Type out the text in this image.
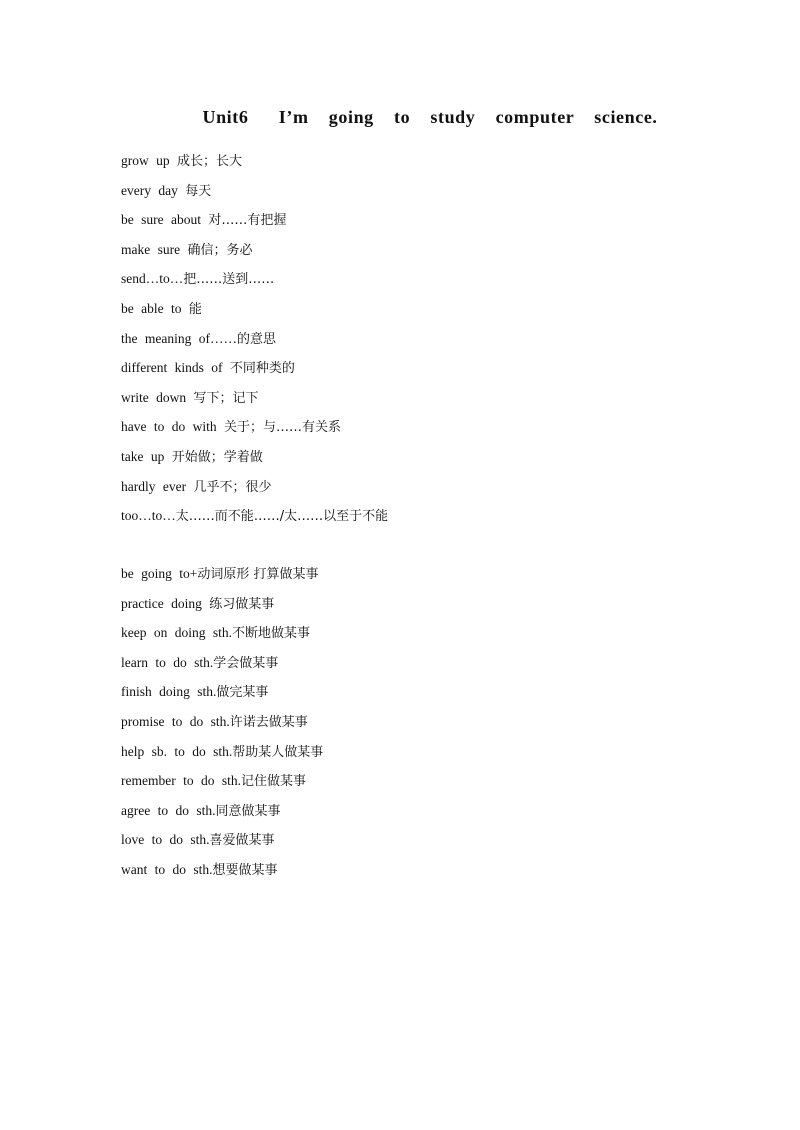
Unit6   I’m  going  to  study  computer  science.
grow up 成长；长大
every day 每天
be sure about 对……有把握
make sure 确信；务必
send…to…把……送到……
be able to 能
the meaning of……的意思
different kinds of 不同种类的
write down 写下；记下
have to do with 关于；与……有关系
take up 开始做；学着做
hardly ever 几乎不；很少
too…to…太……而不能……/太……以至于不能
be going to+动词原形 打算做某事
practice doing 练习做某事
keep on doing sth.不断地做某事
learn to do sth.学会做某事
finish doing sth.做完某事
promise to do sth.许诺去做某事
help sb. to do sth.帮助某人做某事
remember to do sth.记住做某事
agree to do sth.同意做某事
love to do sth.喜爱做某事
want to do sth.想要做某事
